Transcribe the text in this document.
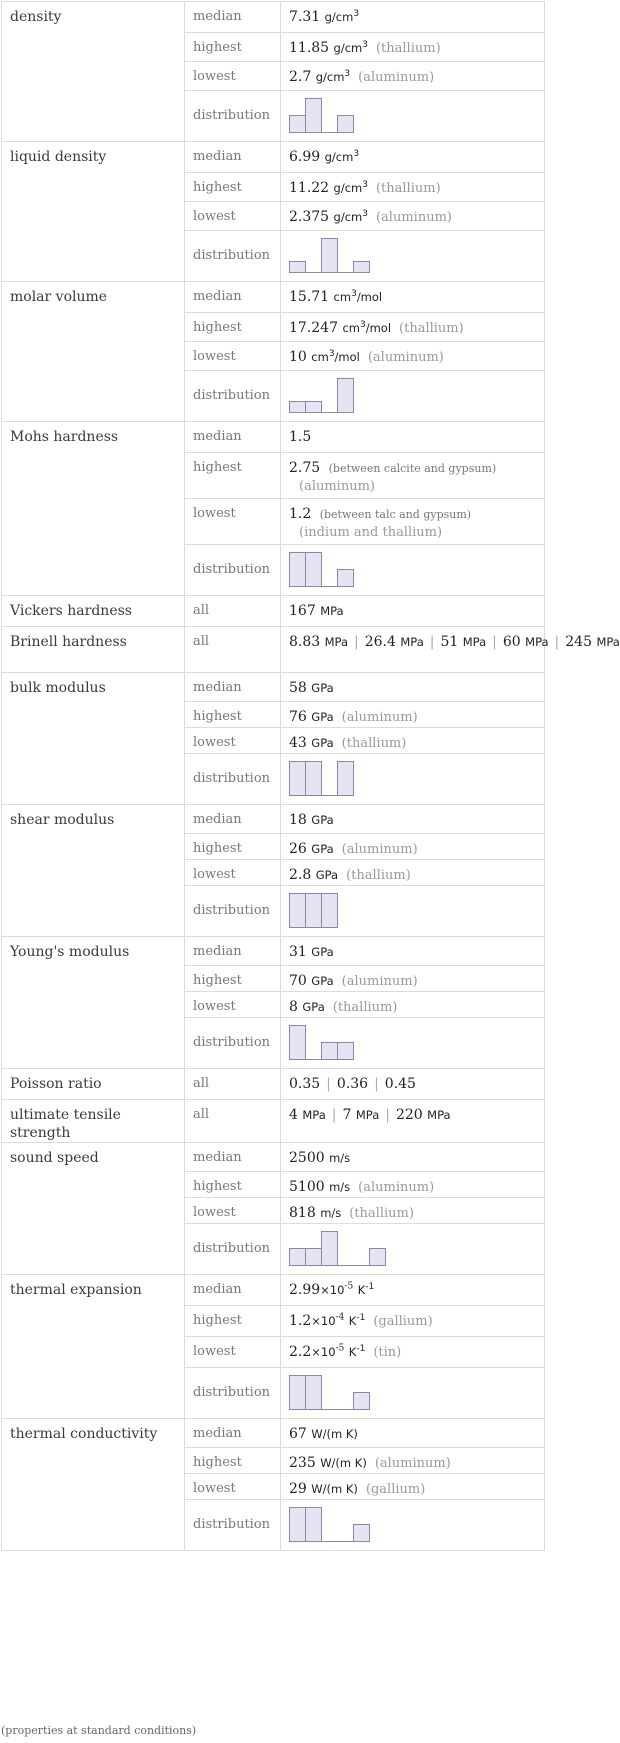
density	median	7.31 $g/cm^3$

	highest	11.85 $g/cm^3$ (thallium)

	lowest	2.7 $g/cm^3$ (aluminum)

	distribution

liquid density	median	6.99 $g/cm^3$

	highest	11.22 $g/cm^3$ (thallium)

	lowest	2.375 $g/cm^3$ (aluminum)

	distribution

molar volume	median	15.71 $cm^3$/mol

	highest	17.247 $cm^3$/mol (thallium)

	lowest	10 $cm^3$/mol (aluminum)

	distribution

Mohs hardness	median	1.5

	highest	2.75 (between calcite and gypsum)
(aluminum)

	lowest	1.2 (between talc and gypsum)
(indium and thallium)

	distribution

Vickers hardness	all	167 MPa

Brinell hardness	all	8.83 MPa | 26.4 MPa | 51 MPa | 60 MPa | 245 MPa

bulk modulus	median	58 GPa

	highest	76 GPa (aluminum)

	lowest	43 GPa (thallium)

	distribution

shear modulus	median	18 GPa

	highest	26 GPa (aluminum)

	lowest	2.8 GPa (thallium)

	distribution

Young's modulus	median	31 GPa

	highest	70 GPa (aluminum)

	lowest	8 GPa (thallium)

	distribution

Poisson ratio	all	0.35 | 0.36 | 0.45

ultimate tensile strength	all	4 MPa | 7 MPa | 220 MPa

sound speed	median	2500 m/s

	highest	5100 m/s (aluminum)

	lowest	818 m/s (thallium)

	distribution

thermal expansion	median	$2.99\times 10^{-5}$ $K^{-1}$

	highest	$1.2\times 10^{-4}$ $K^{-1}$ (gallium)

	lowest	$2.2\times 10^{-5}$ $K^{-1}$ (tin)

	distribution

thermal conductivity	median	67 W/(m K)

	highest	235 W/(m K) (aluminum)

	lowest	29 W/(m K) (gallium)

	distribution

(properties at standard conditions)
